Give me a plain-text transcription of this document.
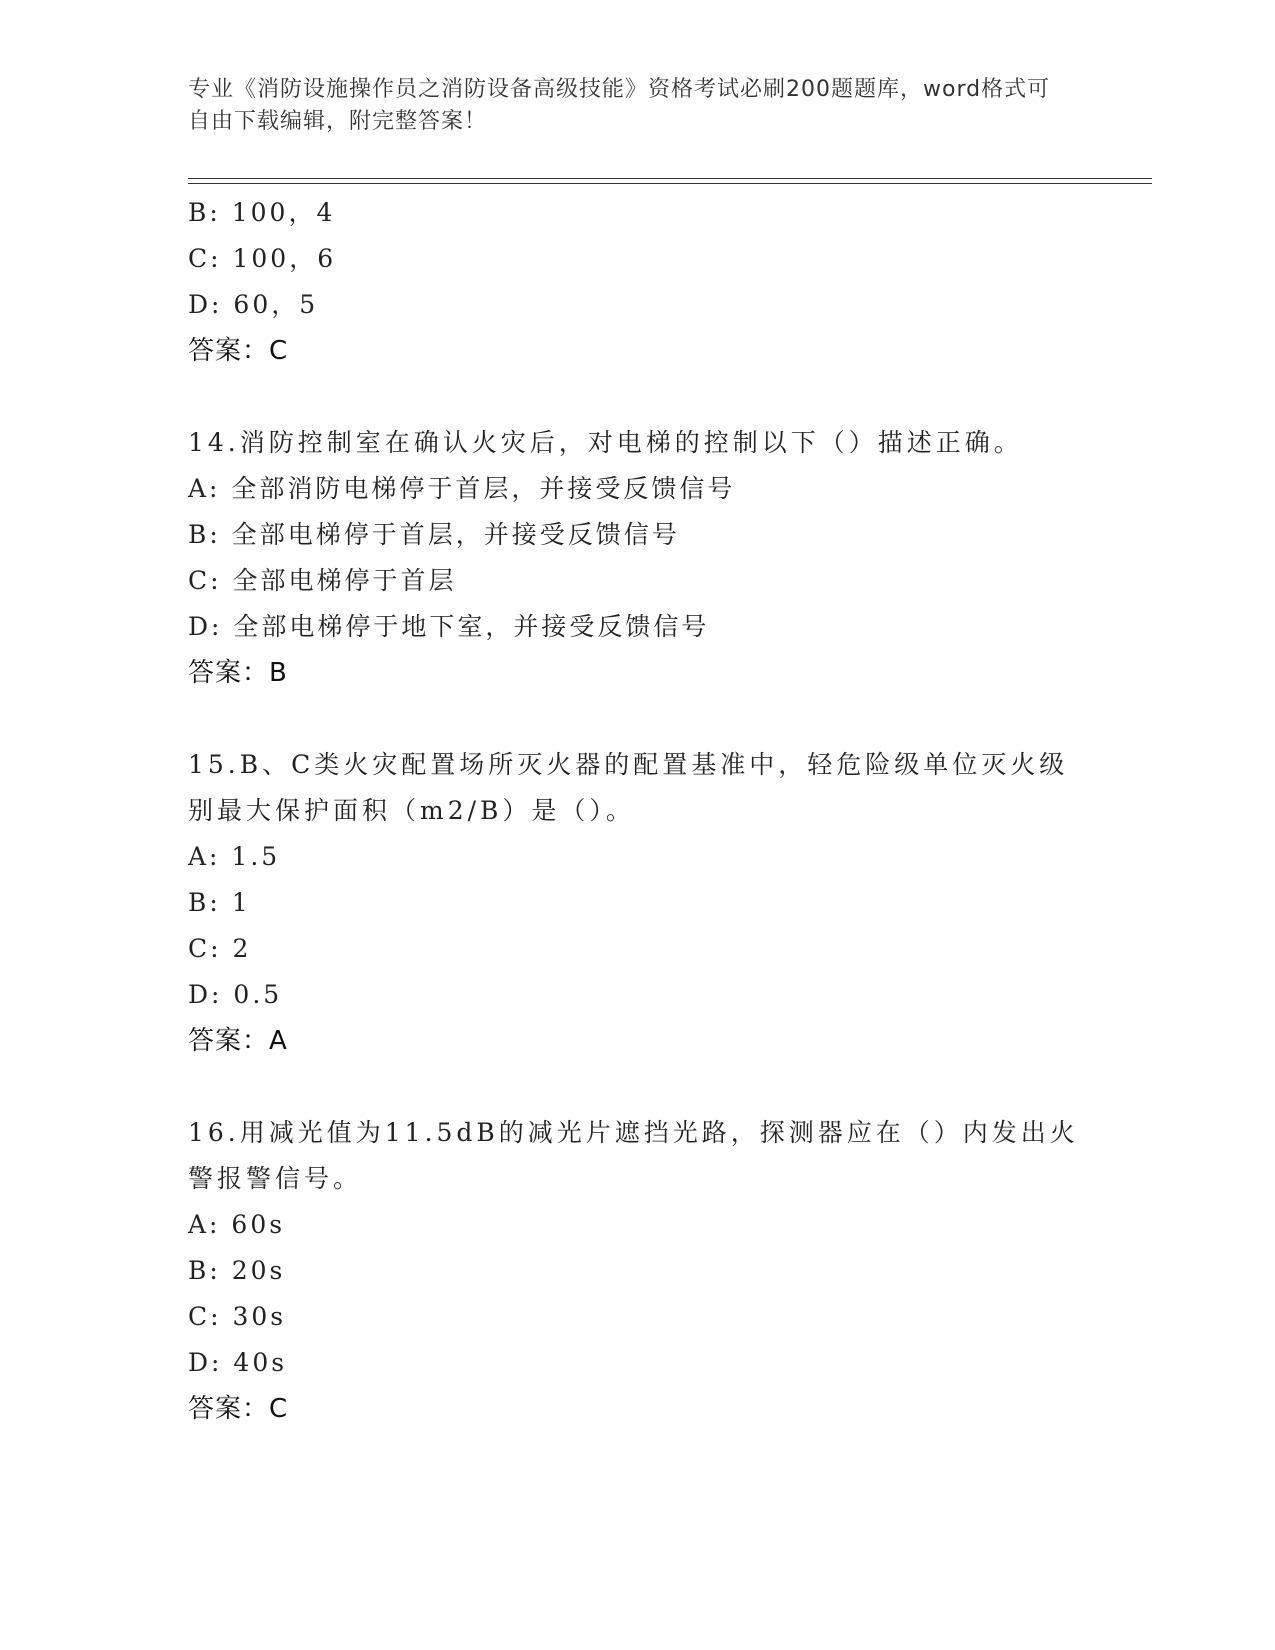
专业《消防设施操作员之消防设备高级技能》资格考试必刷200题题库，word格式可自由下载编辑，附完整答案！
B: 100，4
C: 100，6
D: 60，5
答案：C
14.消防控制室在确认火灾后，对电梯的控制以下（）描述正确。
A: 全部消防电梯停于首层，并接受反馈信号
B: 全部电梯停于首层，并接受反馈信号
C: 全部电梯停于首层
D: 全部电梯停于地下室，并接受反馈信号
答案：B
15.B、C类火灾配置场所灭火器的配置基准中，轻危险级单位灭火级别最大保护面积（m2/B）是（）。
A: 1.5
B: 1
C: 2
D: 0.5
答案：A
16.用减光值为11.5dB的减光片遮挡光路，探测器应在（）内发出火警报警信号。
A: 60s
B: 20s
C: 30s
D: 40s
答案：C
